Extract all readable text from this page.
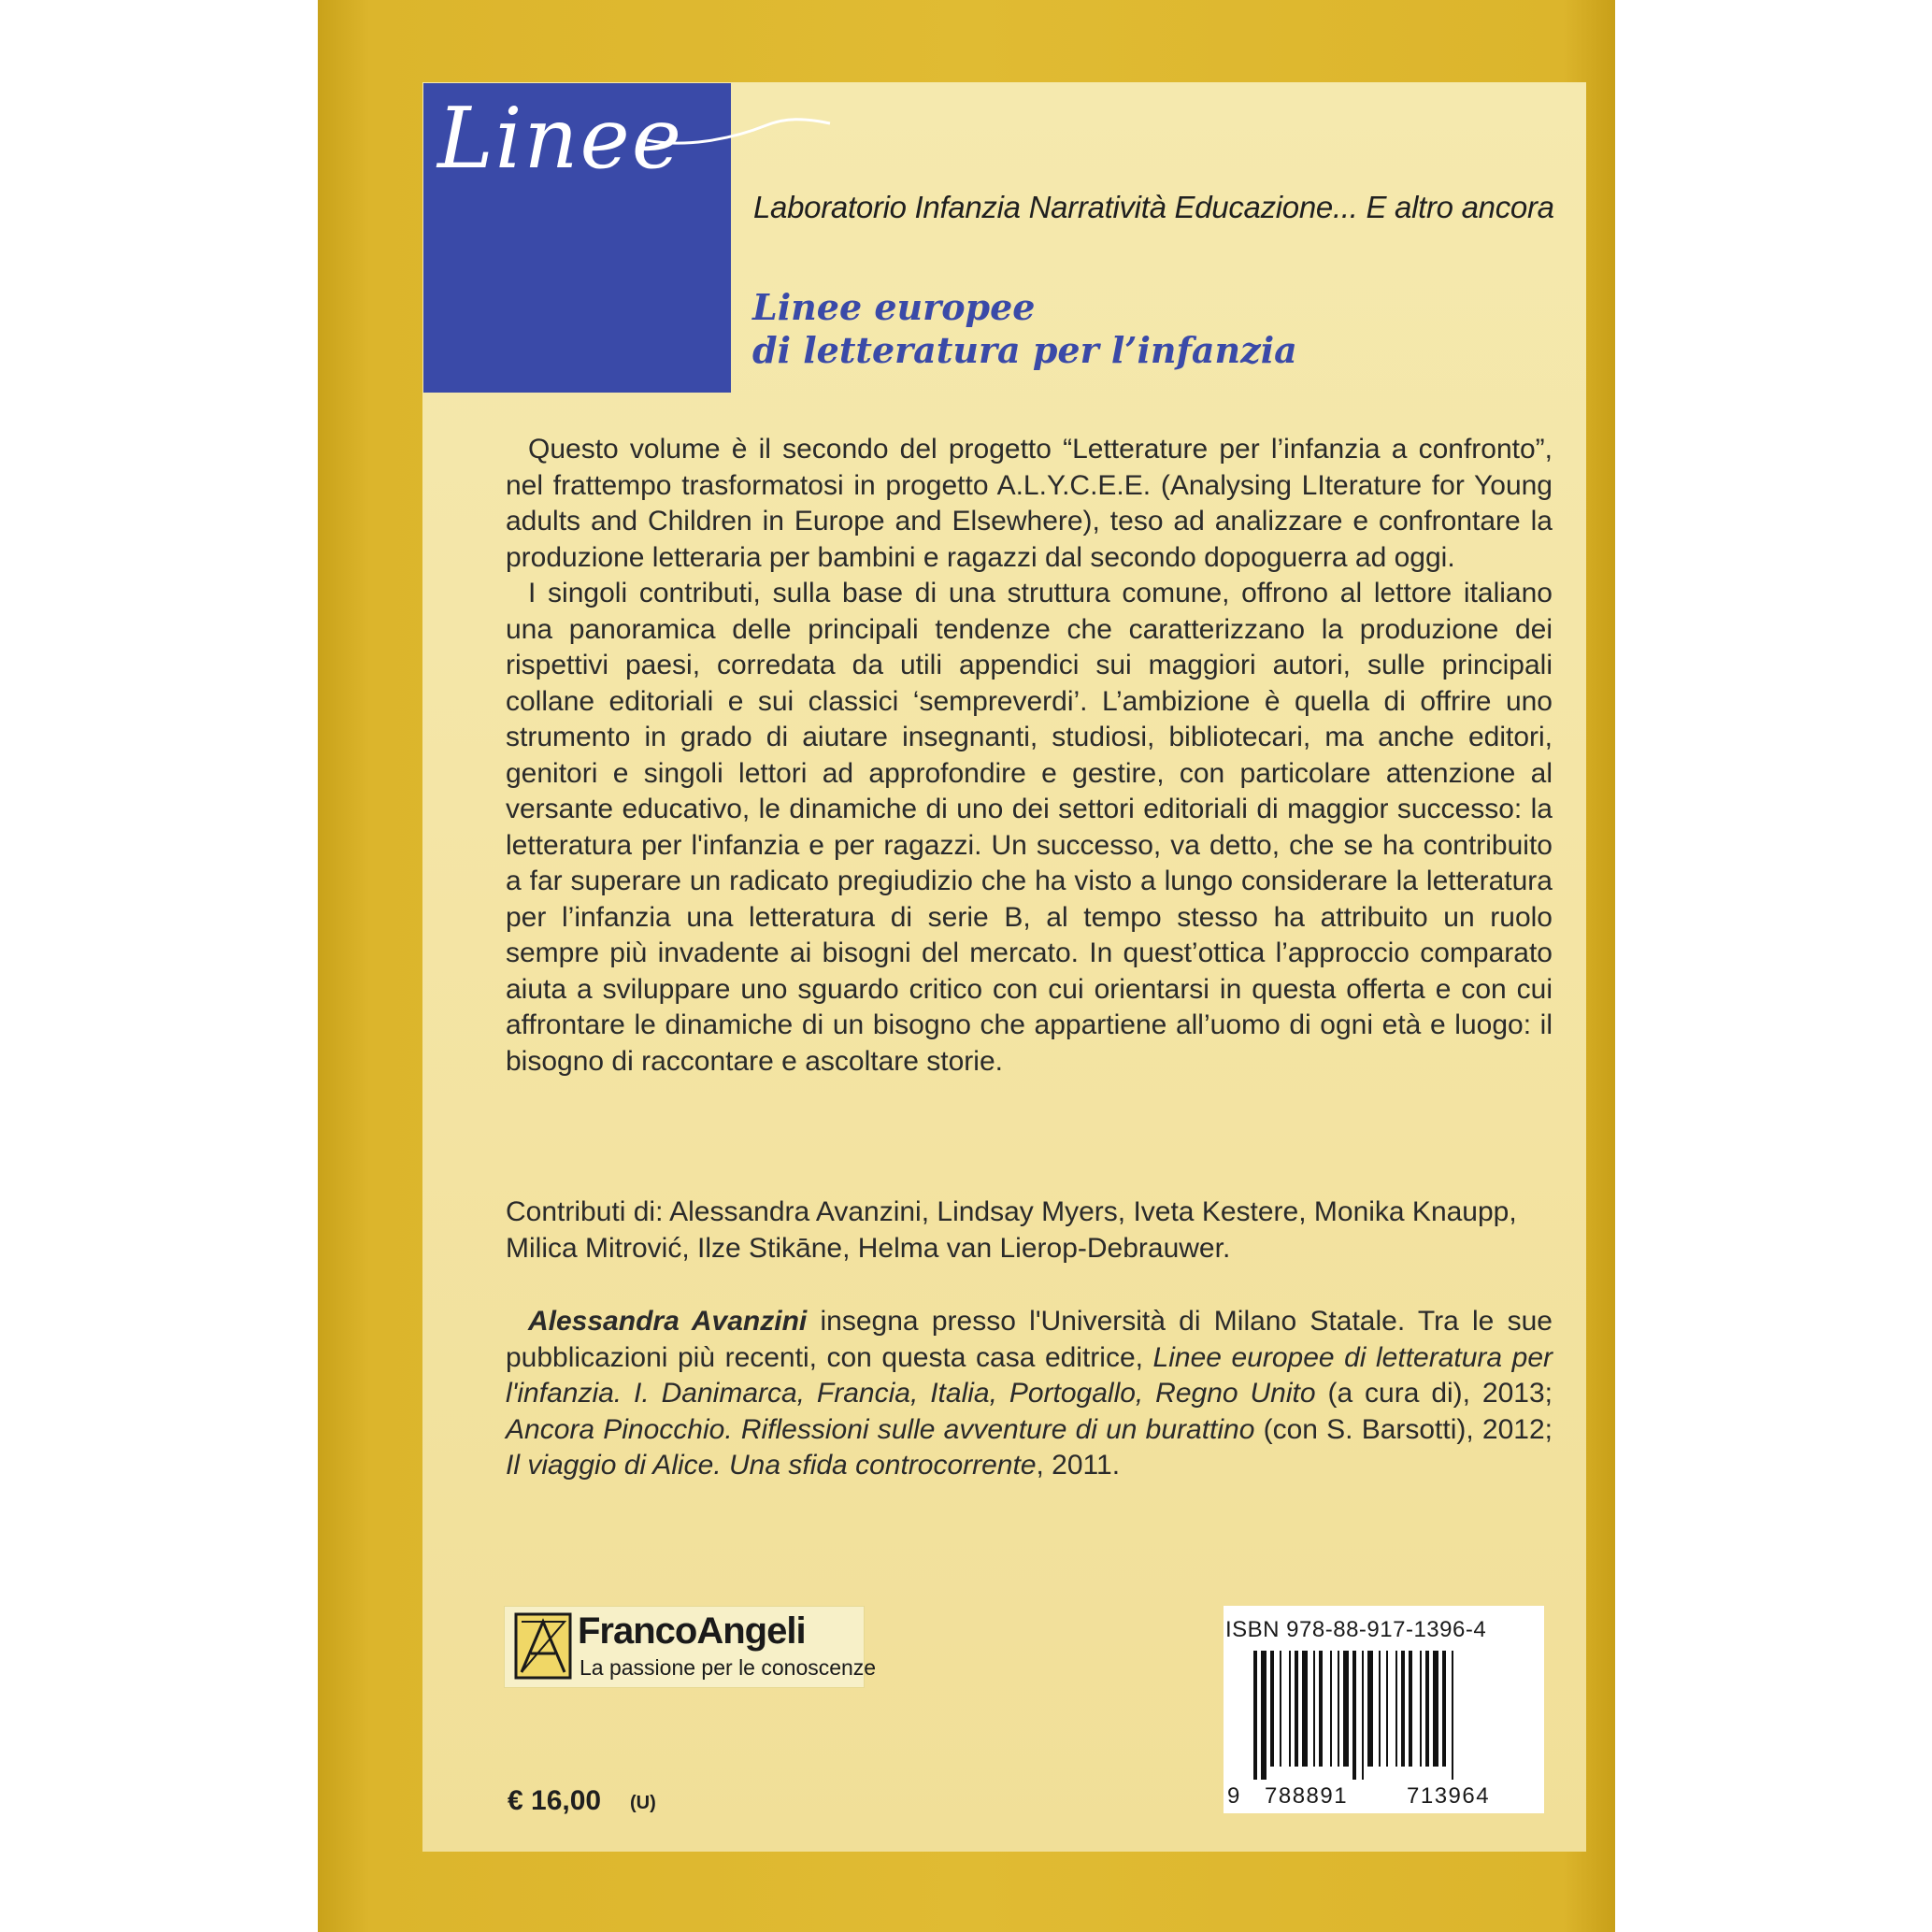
Linee
Laboratorio Infanzia Narratività Educazione... E altro ancora
Linee europee
di letteratura per l’infanzia

Questo volume è il secondo del progetto “Letterature per l’infanzia a confronto”, nel frattempo trasformatosi in progetto A.L.Y.C.E.E. (Analysing LIterature for Young adults and Children in Europe and Elsewhere), teso ad analizzare e confrontare la produzione letteraria per bambini e ragazzi dal secondo dopoguerra ad oggi.

I singoli contributi, sulla base di una struttura comune, offrono al lettore italiano una panoramica delle principali tendenze che caratterizzano la produzione dei rispettivi paesi, corredata da utili appendici sui maggiori autori, sulle principali collane editoriali e sui classici ‘sempreverdi’. L’ambizione è quella di offrire uno strumento in grado di aiutare insegnanti, studiosi, bibliotecari, ma anche editori, genitori e singoli lettori ad approfondire e gestire, con particolare attenzione al versante educativo, le dinamiche di uno dei settori editoriali di maggior successo: la letteratura per l'infanzia e per ragazzi. Un successo, va detto, che se ha contribuito a far superare un radicato pregiudizio che ha visto a lungo considerare la letteratura per l’infanzia una letteratura di serie B, al tempo stesso ha attribuito un ruolo sempre più invadente ai bisogni del mercato. In quest’ottica l’approccio comparato aiuta a sviluppare uno sguardo critico con cui orientarsi in questa offerta e con cui affrontare le dinamiche di un bisogno che appartiene all’uomo di ogni età e luogo: il bisogno di raccontare e ascoltare storie.

Contributi di: Alessandra Avanzini, Lindsay Myers, Iveta Kestere, Monika Knaupp, Milica Mitrović, Ilze Stikāne, Helma van Lierop-Debrauwer.
Alessandra Avanzini insegna presso l'Università di Milano Statale. Tra le sue pubblicazioni più recenti, con questa casa editrice, Linee europee di letteratura per l'infanzia. I. Danimarca, Francia, Italia, Portogallo, Regno Unito (a cura di), 2013; Ancora Pinocchio. Riflessioni sulle avventure di un burattino (con S. Barsotti), 2012; Il viaggio di Alice. Una sfida controcorrente, 2011.
FrancoAngeli
La passione per le conoscenze
ISBN 978-88-917-1396-4
9 788891	713964
€ 16,00 (U)
